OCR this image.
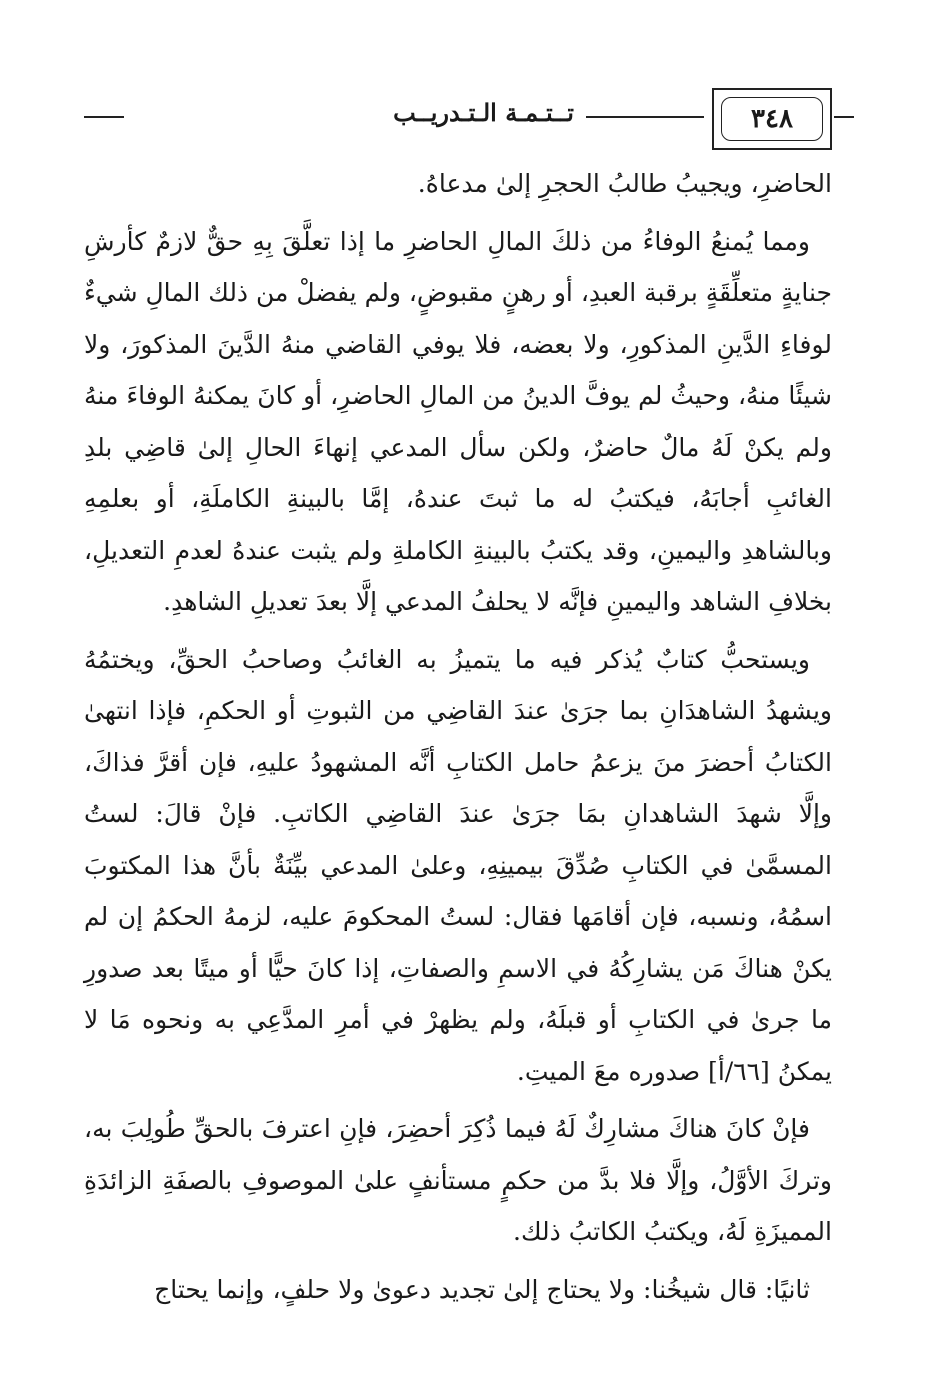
٣٤٨
تــتـمـة الـتـدريــب

الحاضرِ، ويجيبُ طالبُ الحجرِ إلىٰ مدعاهُ.

ومما يُمنعُ الوفاءُ من ذلكَ المالِ الحاضرِ ما إذا تعلَّقَ بِهِ حقٌّ لازمٌ كأرشِ جنايةٍ متعلِّقَةٍ برقبة العبدِ، أو رهنٍ مقبوضٍ، ولم يفضلْ من ذلك المالِ شيءٌ لوفاءِ الدَّينِ المذكورِ، ولا بعضه، فلا يوفي القاضي منهُ الدَّينَ المذكورَ، ولا شيئًا منهُ، وحيثُ لم يوفَّ الدينُ من المالِ الحاضرِ، أو كانَ يمكنهُ الوفاءَ منهُ ولم يكنْ لَهُ مالٌ حاضرٌ، ولكن سأل المدعي إنهاءَ الحالِ إلىٰ قاضِي بلدِ الغائبِ أجابَهُ، فيكتبُ له ما ثبتَ عندهُ، إمَّا بالبينةِ الكاملَةِ، أو بعلمِهِ وبالشاهدِ واليمينِ، وقد يكتبُ بالبينةِ الكاملةِ ولم يثبت عندهُ لعدمِ التعديلِ، بخلافِ الشاهد واليمينِ فإنَّه لا يحلفُ المدعي إلَّا بعدَ تعديلِ الشاهدِ.

ويستحبُّ كتابٌ يُذكر فيه ما يتميزُ به الغائبُ وصاحبُ الحقِّ، ويختمُهُ ويشهدُ الشاهدَانِ بما جرَىٰ عندَ القاضِي من الثبوتِ أو الحكمِ، فإذا انتهىٰ الكتابُ أحضرَ منَ يزعمُ حامل الكتابِ أنَّه المشهودُ عليهِ، فإن أقرَّ فذاكَ، وإلَّا شهدَ الشاهدانِ بمَا جرَىٰ عندَ القاضِي الكاتبِ. فإنْ قالَ: لستُ المسمَّىٰ في الكتابِ صُدِّقَ بيمينِهِ، وعلىٰ المدعي بيِّنَةٌ بأنَّ هذا المكتوبَ اسمُهُ، ونسبه، فإن أقامَها فقال: لستُ المحكومَ عليه، لزمهُ الحكمُ إن لم يكنْ هناكَ مَن يشارِكُهُ في الاسمِ والصفاتِ، إذا كانَ حيًّا أو ميتًا بعد صدورِ ما جرىٰ في الكتابِ أو قبلَهُ، ولم يظهرْ في أمرِ المدَّعِي به ونحوه مَا لا يمكنُ [٦٦/أ] صدوره معَ الميتِ.

فإنْ كانَ هناكَ مشارِكٌ لَهُ فيما ذُكِرَ أحضِرَ، فإنِ اعترفَ بالحقِّ طُولِبَ به، وتركَ الأوَّلُ، وإلَّا فلا بدَّ من حكمٍ مستأنفٍ علىٰ الموصوفِ بالصفَةِ الزائدَةِ المميزَةِ لَهُ، ويكتبُ الكاتبُ ذلك.

ثانيًا: قال شيخُنا: ولا يحتاج إلىٰ تجديد دعوىٰ ولا حلفٍ، وإنما يحتاج
